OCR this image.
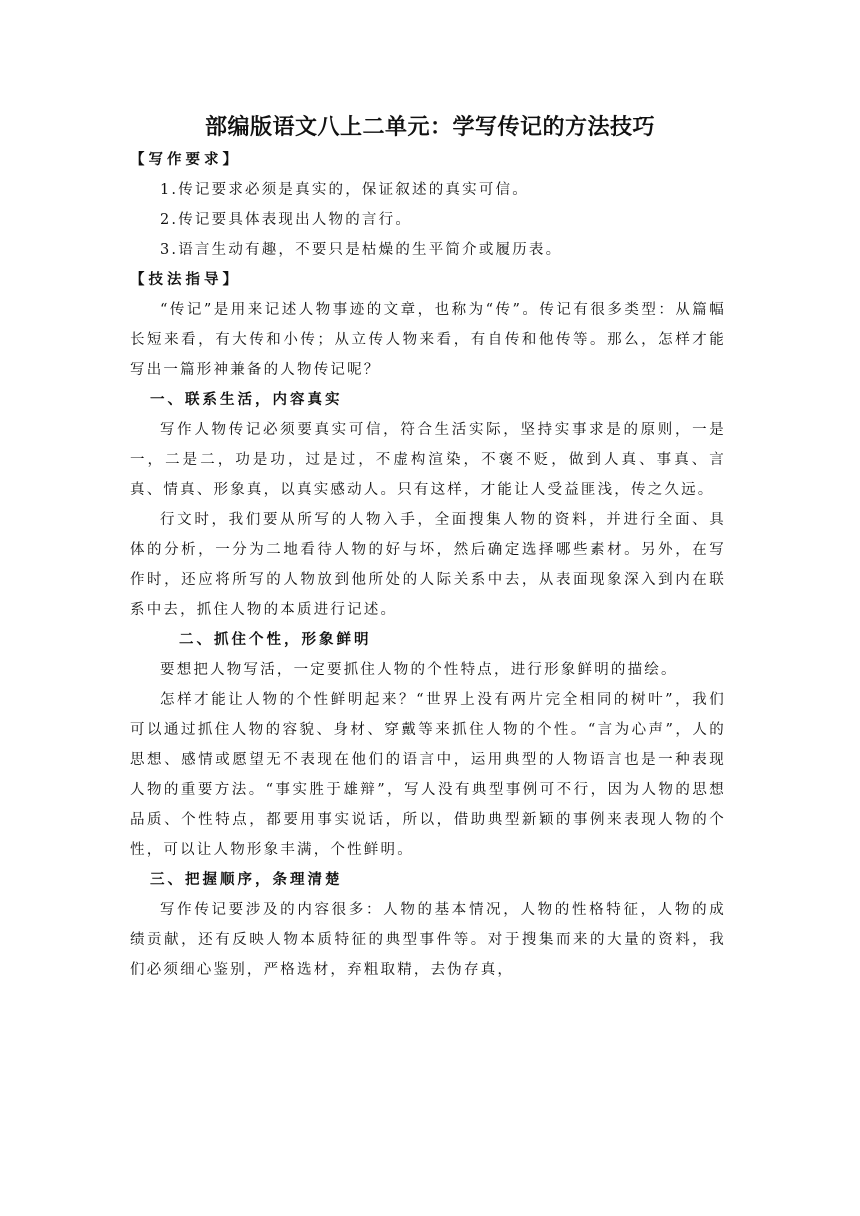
部编版语文八上二单元：学写传记的方法技巧

【写作要求】

1.传记要求必须是真实的，保证叙述的真实可信。

2.传记要具体表现出人物的言行。

3.语言生动有趣，不要只是枯燥的生平简介或履历表。

【技法指导】

“传记”是用来记述人物事迹的文章，也称为“传”。传记有很多类型：从篇幅长短来看，有大传和小传；从立传人物来看，有自传和他传等。那么，怎样才能写出一篇形神兼备的人物传记呢？

一、联系生活，内容真实

写作人物传记必须要真实可信，符合生活实际，坚持实事求是的原则，一是一，二是二，功是功，过是过，不虚构渲染，不褒不贬，做到人真、事真、言真、情真、形象真，以真实感动人。只有这样，才能让人受益匪浅，传之久远。

行文时，我们要从所写的人物入手，全面搜集人物的资料，并进行全面、具体的分析，一分为二地看待人物的好与坏，然后确定选择哪些素材。另外，在写作时，还应将所写的人物放到他所处的人际关系中去，从表面现象深入到内在联系中去，抓住人物的本质进行记述。

二、抓住个性，形象鲜明

要想把人物写活，一定要抓住人物的个性特点，进行形象鲜明的描绘。

怎样才能让人物的个性鲜明起来？“世界上没有两片完全相同的树叶”，我们可以通过抓住人物的容貌、身材、穿戴等来抓住人物的个性。“言为心声”，人的思想、感情或愿望无不表现在他们的语言中，运用典型的人物语言也是一种表现人物的重要方法。“事实胜于雄辩”，写人没有典型事例可不行，因为人物的思想品质、个性特点，都要用事实说话，所以，借助典型新颖的事例来表现人物的个性，可以让人物形象丰满，个性鲜明。

三、把握顺序，条理清楚

写作传记要涉及的内容很多：人物的基本情况，人物的性格特征，人物的成绩贡献，还有反映人物本质特征的典型事件等。对于搜集而来的大量的资料，我们必须细心鉴别，严格选材，弃粗取精，去伪存真，
